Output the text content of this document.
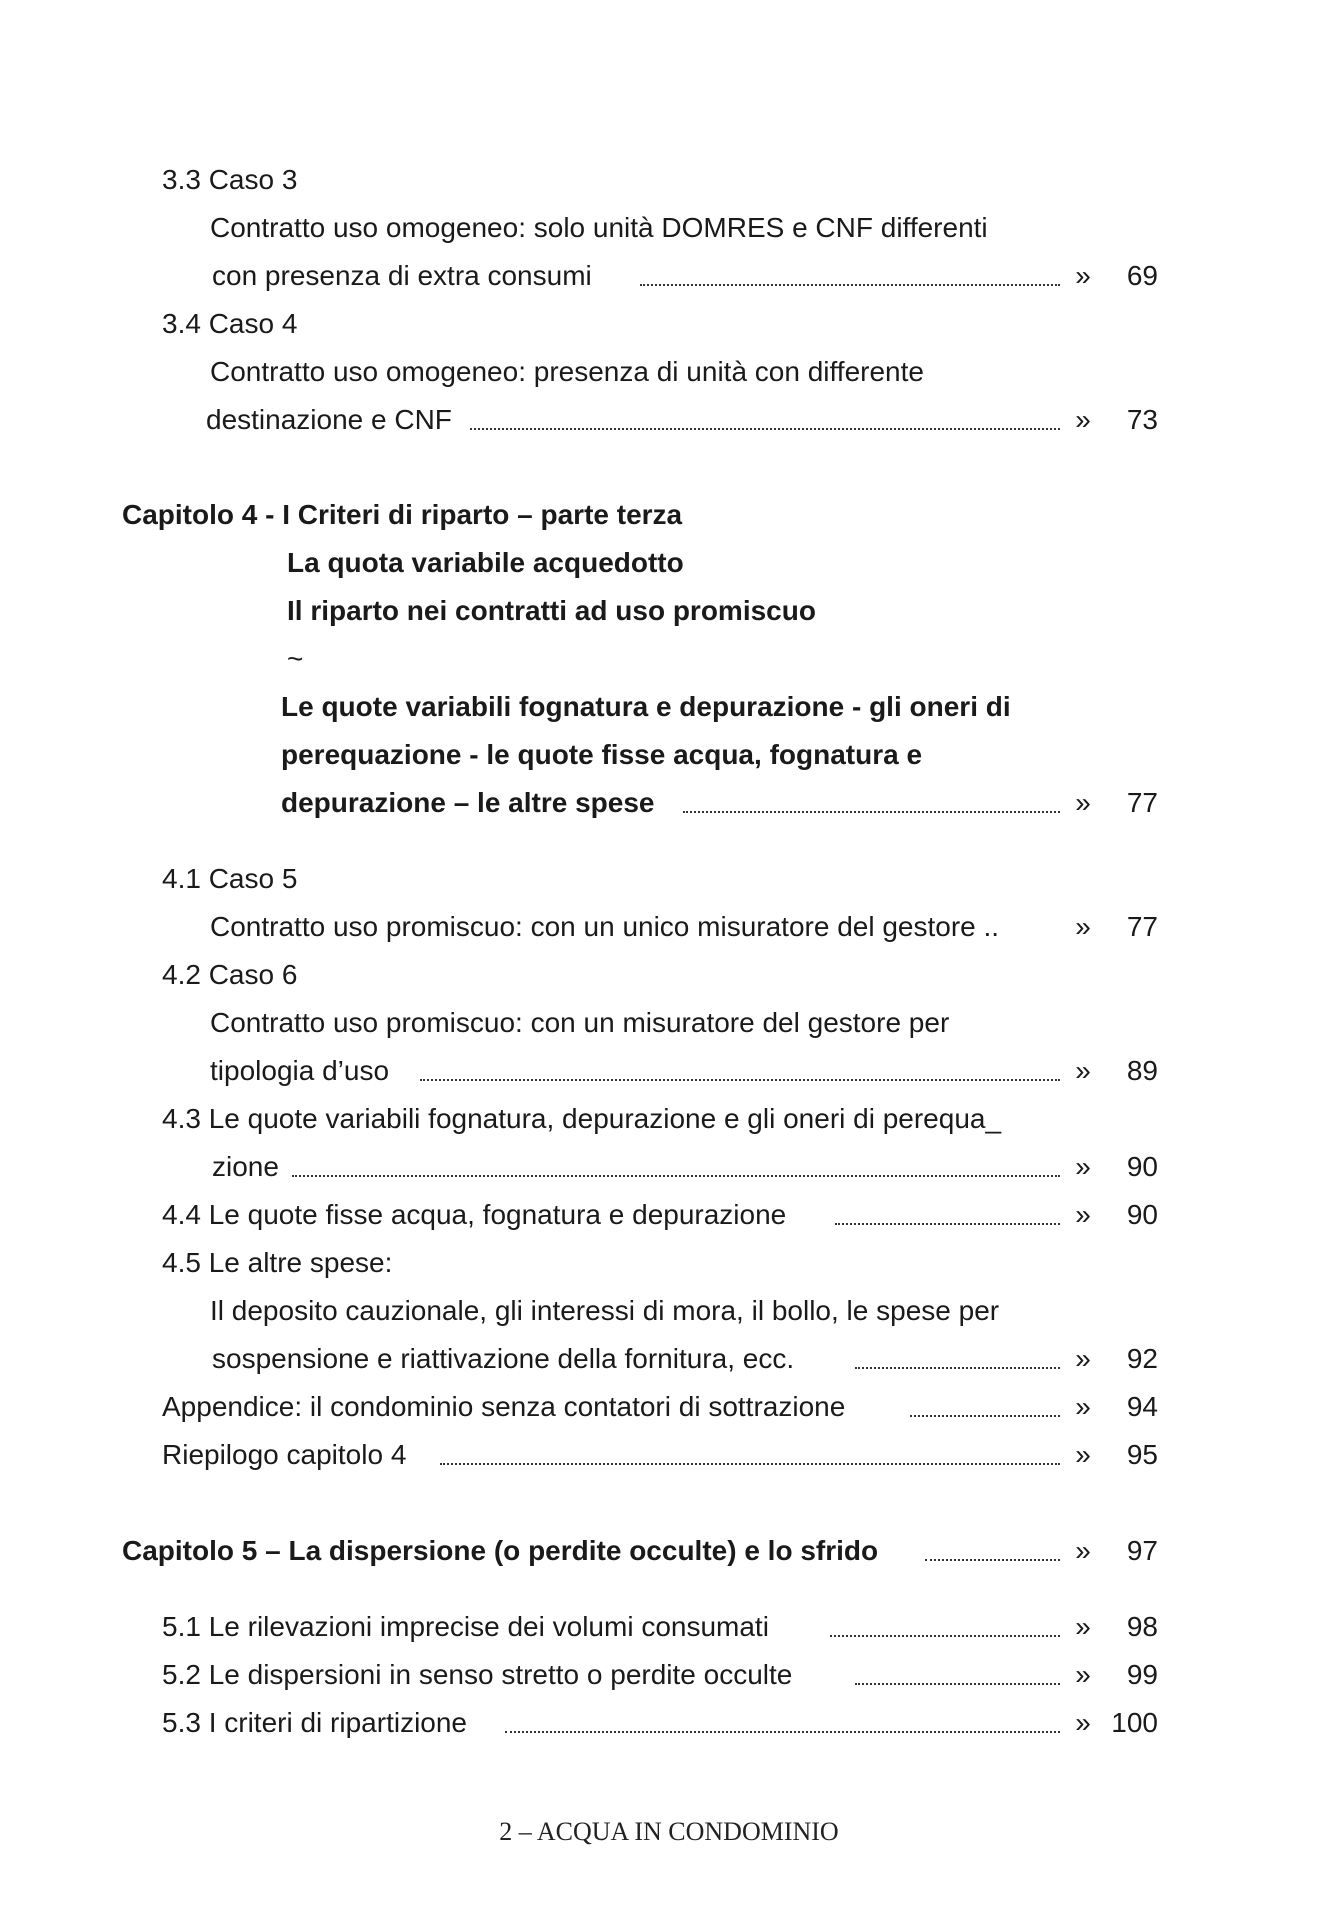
3.3 Caso 3
Contratto uso omogeneo: solo unità DOMRES e CNF differenti
con presenza di extra consumi	»	69
3.4 Caso 4
Contratto uso omogeneo: presenza di unità con differente
destinazione e CNF	»	73
Capitolo 4 - I Criteri di riparto – parte terza
La quota variabile acquedotto
Il riparto nei contratti ad uso promiscuo
~
Le quote variabili fognatura e depurazione - gli oneri di
perequazione - le quote fisse acqua, fognatura e
depurazione – le altre spese	»	77
4.1 Caso 5
Contratto uso promiscuo: con un unico misuratore del gestore ..	»	77
4.2 Caso 6
Contratto uso promiscuo: con un misuratore del gestore per
tipologia d’uso	»	89
4.3 Le quote variabili fognatura, depurazione e gli oneri di perequa_
zione	»	90
4.4 Le quote fisse acqua, fognatura e depurazione	»	90
4.5 Le altre spese:
Il deposito cauzionale, gli interessi di mora, il bollo, le spese per
sospensione e riattivazione della fornitura, ecc.	»	92
Appendice: il condominio senza contatori di sottrazione	»	94
Riepilogo capitolo 4	»	95
Capitolo 5 – La dispersione (o perdite occulte) e lo sfrido	»	97
5.1 Le rilevazioni imprecise dei volumi consumati	»	98
5.2 Le dispersioni in senso stretto o perdite occulte	»	99
5.3 I criteri di ripartizione	» 100
2 – ACQUA IN CONDOMINIO
